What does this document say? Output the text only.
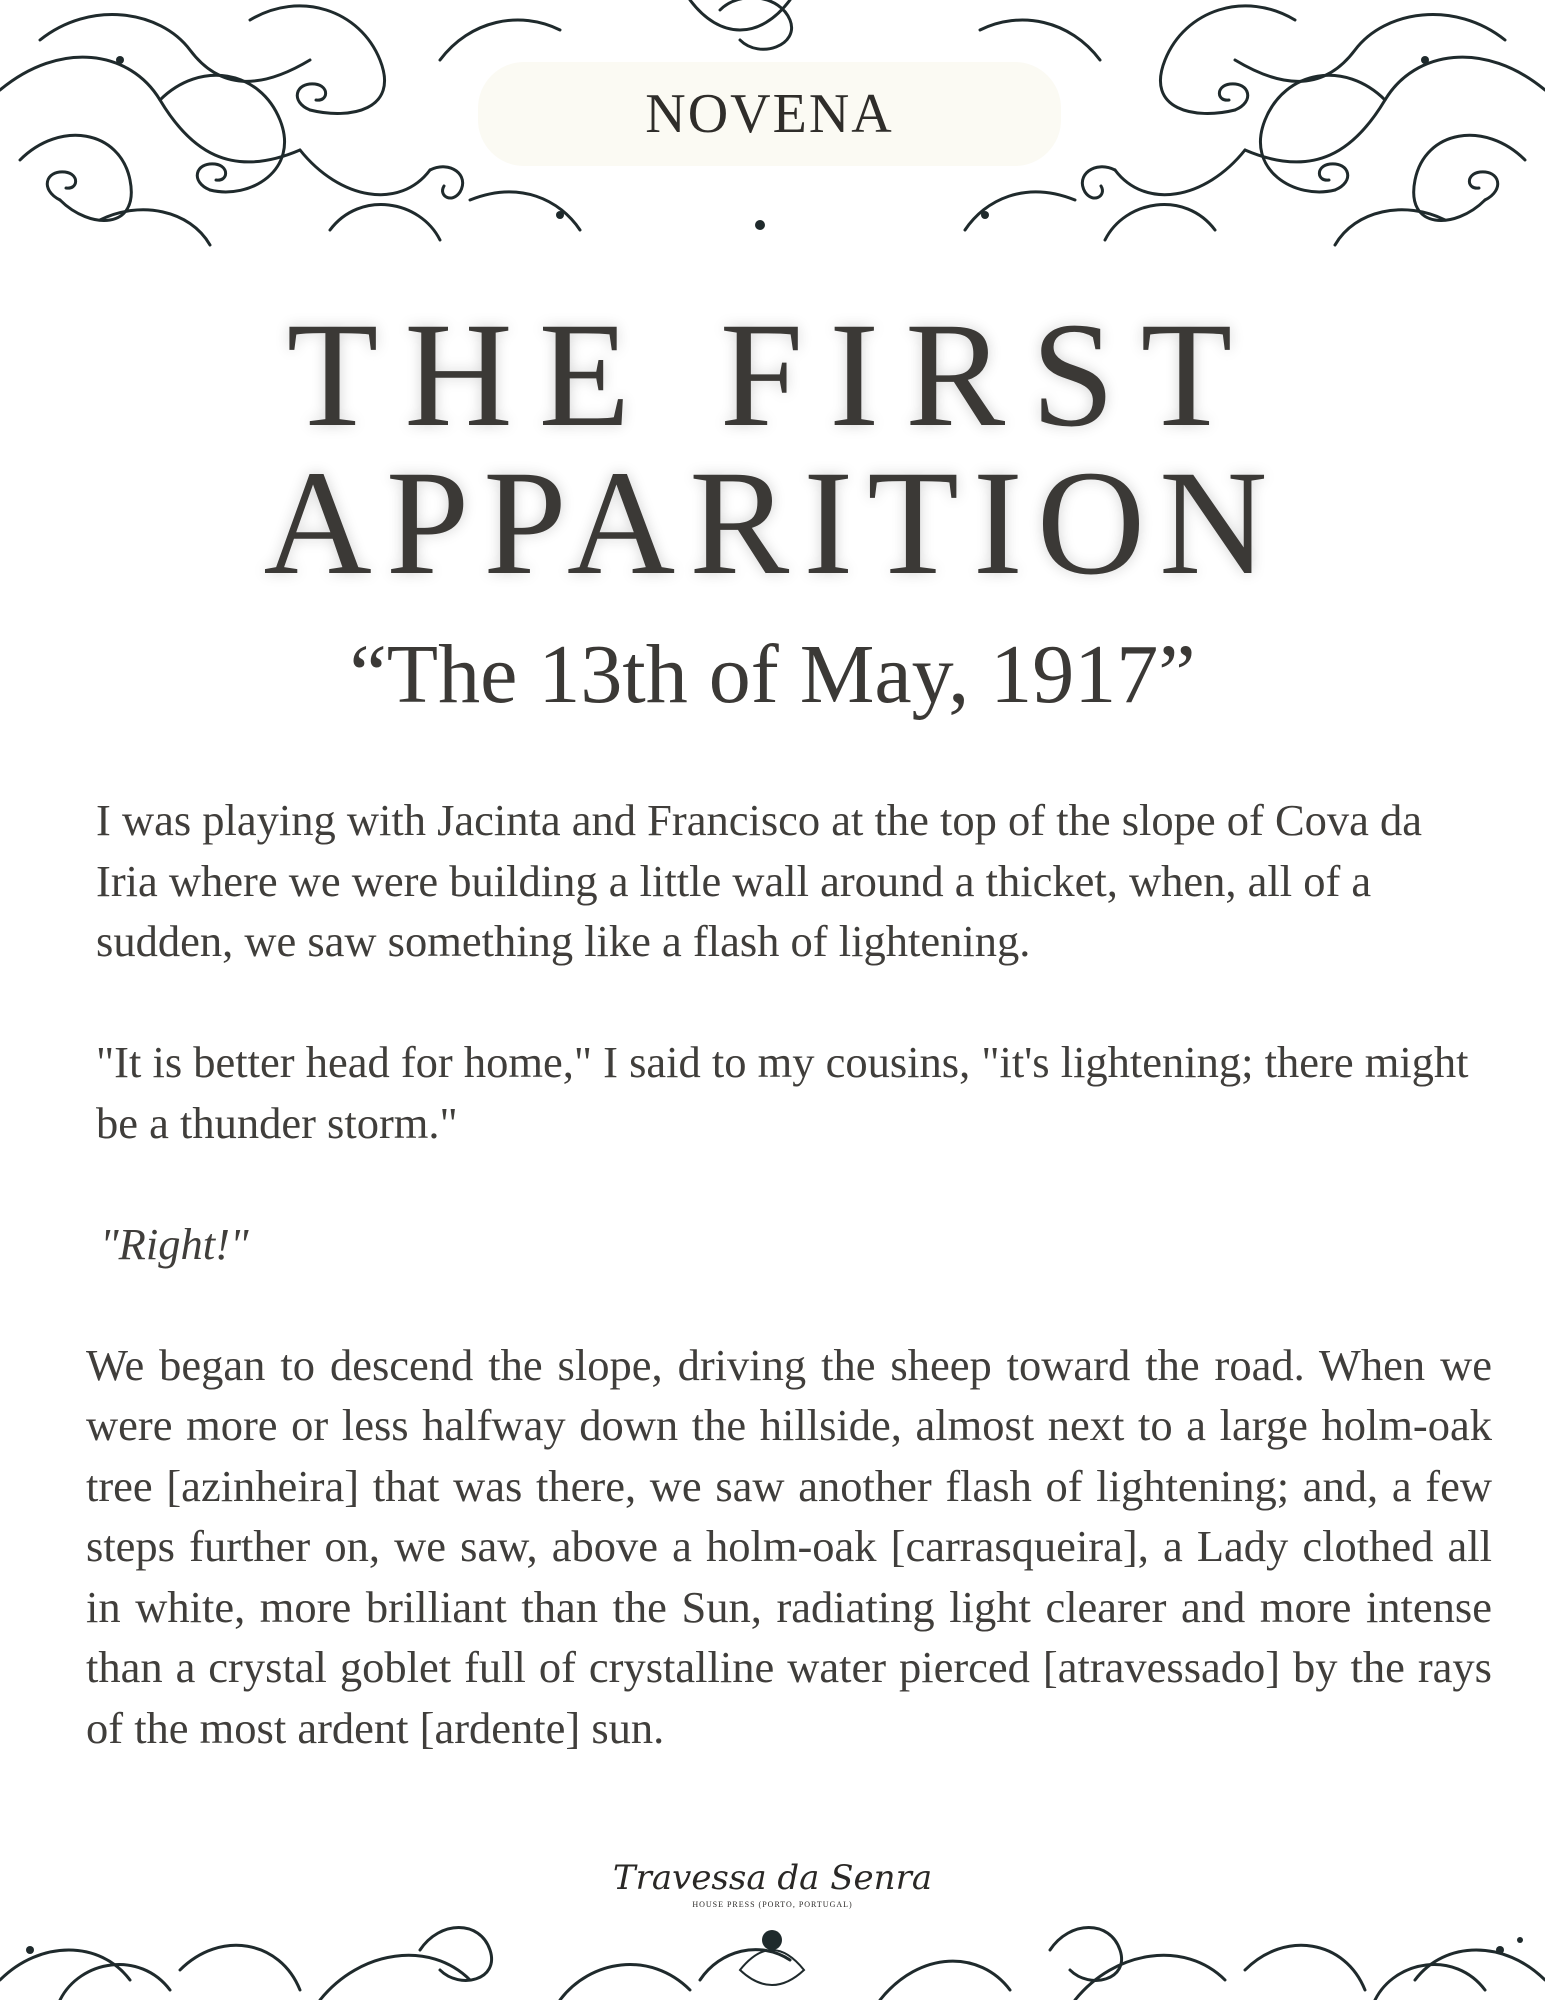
NOVENA
THE FIRST
APPARITION
“The 13th of May, 1917”

I was playing with Jacinta and Francisco at the top of the slope of Cova da Iria where we were building a little wall around a thicket, when, all of a sudden, we saw something like a flash of lightening.

"It is better head for home," I said to my cousins, "it's lightening; there might be a thunder storm."

"Right!"

We began to descend the slope, driving the sheep toward the road. When we were more or less halfway down the hillside, almost next to a large holm-oak tree [azinheira] that was there, we saw another flash of lightening; and, a few steps further on, we saw, above a holm-oak [carrasqueira], a Lady clothed all in white, more brilliant than the Sun, radiating light clearer and more intense than a crystal goblet full of crystalline water pierced [atravessado] by the rays of the most ardent [ardente] sun.

Travessa da Senra
HOUSE PRESS (PORTO, PORTUGAL)
